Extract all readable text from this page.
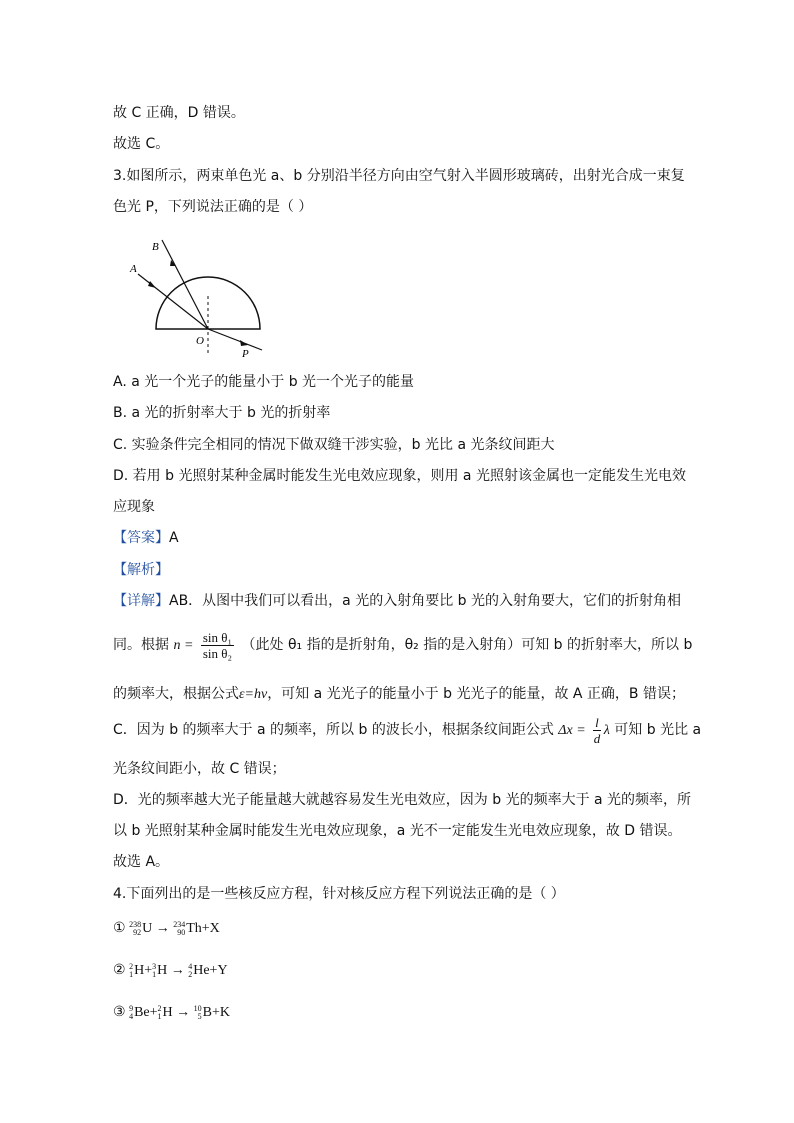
故 C 正确，D 错误。
故选 C。
3.如图所示，两束单色光 a、b 分别沿半径方向由空气射入半圆形玻璃砖，出射光合成一束复
色光 P，下列说法正确的是（ ）
A
B
O
P
A. a 光一个光子的能量小于 b 光一个光子的能量
B. a 光的折射率大于 b 光的折射率
C. 实验条件完全相同的情况下做双缝干涉实验，b 光比 a 光条纹间距大
D. 若用 b 光照射某种金属时能发生光电效应现象，则用 a 光照射该金属也一定能发生光电效
应现象
【答案】A
【解析】
【详解】AB．从图中我们可以看出，a 光的入射角要比 b 光的入射角要大，它们的折射角相
同。根据 $n = \frac{\text{sin θ₁}}{\text{sin θ₂}}$ （此处 θ₁ 指的是折射角，θ₂ 指的是入射角）可知 b 的折射率大，所以 b
的频率大，根据公式ε=hν，可知 a 光光子的能量小于 b 光光子的能量，故 A 正确，B 错误；
C．因为 b 的频率大于 a 的频率，所以 b 的波长小，根据条纹间距公式 $\Delta x = \frac{l}{d}$ λ 可知 b 光比 a
光条纹间距小，故 C 错误；
D．光的频率越大光子能量越大就越容易发生光电效应，因为 b 光的频率大于 a 光的频率，所
以 b 光照射某种金属时能发生光电效应现象，a 光不一定能发生光电效应现象，故 D 错误。
故选 A。
4.下面列出的是一些核反应方程，针对核反应方程下列说法正确的是（ ）
① 238
92 U → 234
90 Th+X
② 2
1 H+ 3
1 H → 4
2 He+Y
③ 9
4 Be+ 2
1 H → 10
5 B+K
